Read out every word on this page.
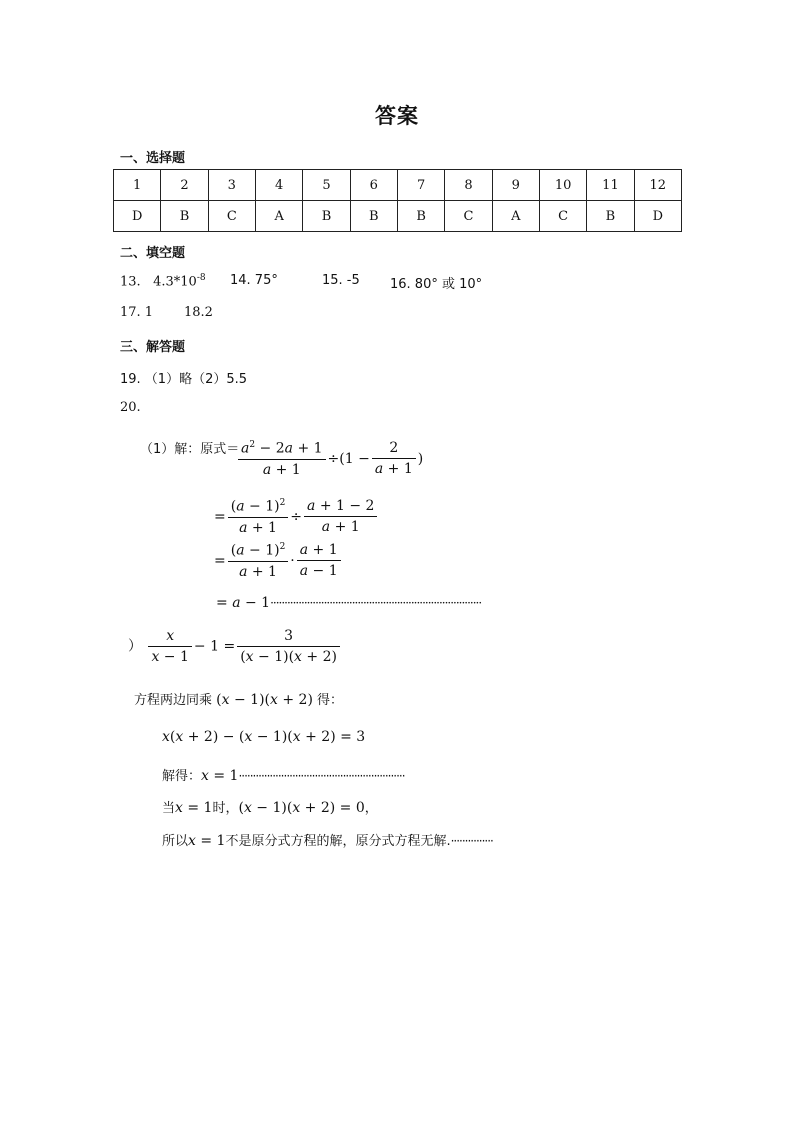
答案
一、选择题
1	2	3	4	5	6	7	8	9	10	11	12
D	B	C	A	B	B	B	C	A	C	B	D
二、填空题
13. $4.3*10^{-8}$ 14. 75°	15. -5 16. 80° 或 10°
17. 1 18.2
三、解答题
19. （1）略（2）5.5
20.
（1）解：原式＝
$\frac{a^2 - 2a + 1}{a + 1} \div(1 - \frac{2}{a + 1}$ )
= $\frac{(a - 1)^2}{a + 1} \div \frac{a + 1 - 2}{a + 1}$
= $\frac{(a - 1)^2}{a + 1} \cdot \frac{a + 1}{a - 1}$
= a − 1···········································································
） $\frac{x}{x - 1} - 1 = \frac{3}{(x - 1)(x + 2)}$
方程两边同乘 (x − 1)(x + 2) 得：
x(x + 2) − (x − 1)(x + 2) = 3
解得：x = 1···························································
当x = 1时，(x − 1)(x + 2) = 0，
所以x = 1不是原分式方程的解，原分式方程无解.···············
